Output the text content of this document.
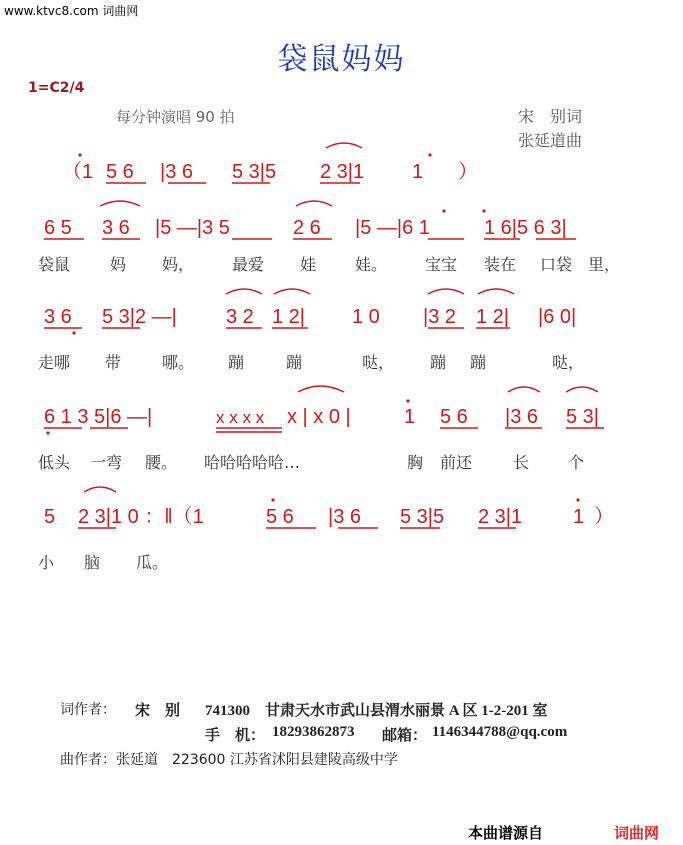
www.ktvc8.com 词曲网
袋鼠妈妈
1=C2/4
每分钟演唱 90 拍	宋　别词
张延道曲
（1 5 6 |3 6 5 3|5 2 3|1 1 ）
6 5 3 6 |5 —|3 5	2 6 |5 —|6 1	1 6|5 6 3|
3 6 5 3|2 —| 3 2 1 2| 1 0 |3 2 1 2| |6 0|
6 1 3 5|6 —|	x x x x x | x 0 |	1 5 6 |3 6 5 3|
5 2 3|1 0 ：‖（1	5 6 |3 6 5 3|5 2 3|1	1 ）
袋鼠 妈 妈， 最爱 娃 娃。 宝宝 装在 口袋 里，
走哪 带	哪。 蹦	蹦	哒， 蹦 蹦	哒，
低头 一弯 腰。 哈哈哈哈哈…	胸 前还	长 个
小 脑 瓜。
词作者： 宋　别 741300　甘肃天水市武山县渭水丽景 A 区 1-2-201 室
手　机： 18293862873 邮箱： 1146344788@qq.com
曲作者：张延道　223600 江苏省沭阳县建陵高级中学
本曲谱源自	词曲网
